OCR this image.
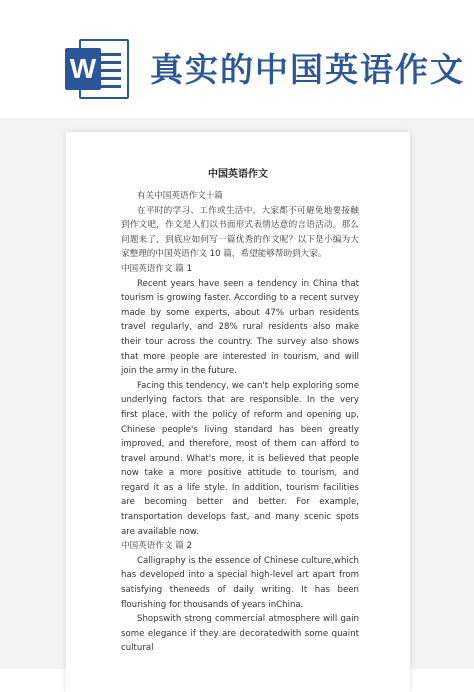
W 真实的中国英语作文
中国英语作文

有关中国英语作文十篇

在平时的学习、工作或生活中，大家都不可避免地要接触到作文吧，作文是人们以书面形式表情达意的言语活动。那么问题来了，到底应如何写一篇优秀的作文呢？以下是小编为大家整理的中国英语作文 10 篇，希望能够帮助到大家。

中国英语作文 篇 1

Recent years have seen a tendency in China that tourism is growing faster. According to a recent survey made by some experts, about 47% urban residents travel regularly, and 28% rural residents also make their tour across the country. The survey also shows that more people are interested in tourism, and will join the army in the future.

Facing this tendency, we can't help exploring some underlying factors that are responsible. In the very first place, with the policy of reform and opening up, Chinese people's living standard has been greatly improved, and therefore, most of them can afford to travel around. What's more, it is believed that people now take a more positive attitude to tourism, and regard it as a life style. In addition, tourism facilities are becoming better and better. For example, transportation develops fast, and many scenic spots are available now.

中国英语作文 篇 2

Calligraphy is the essence of Chinese culture,which has developed into a special high-level art apart from satisfying theneeds of daily writing. It has been flourishing for thousands of years inChina.

Shopswith strong commercial atmosphere will gain some elegance if they are decoratedwith some quaint cultural
